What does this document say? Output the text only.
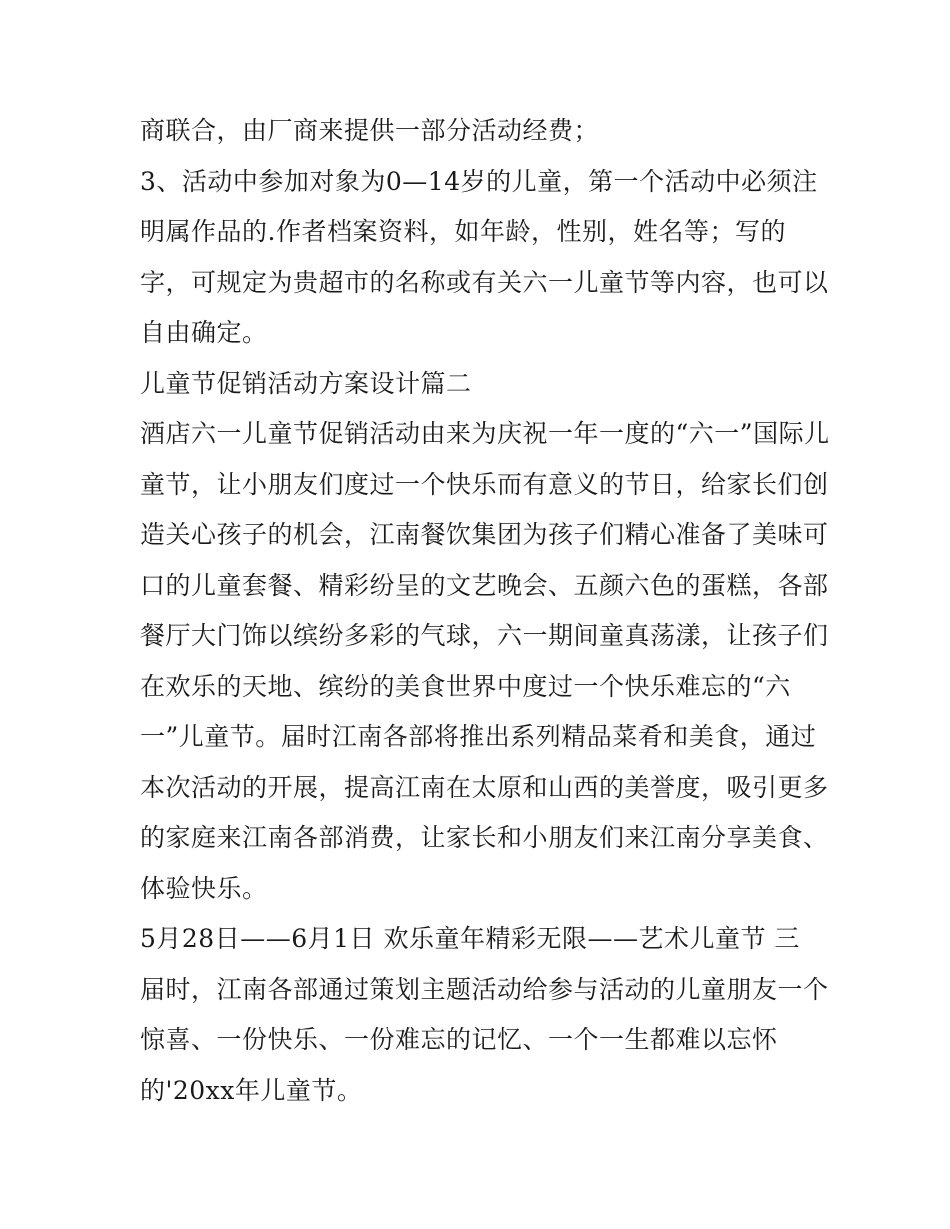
商联合，由厂商来提供一部分活动经费；
3、活动中参加对象为0—14岁的儿童，第一个活动中必须注
明属作品的.作者档案资料，如年龄，性别，姓名等；写的
字，可规定为贵超市的名称或有关六一儿童节等内容，也可以
自由确定。
儿童节促销活动方案设计篇二
酒店六一儿童节促销活动由来为庆祝一年一度的“六一”国际儿
童节，让小朋友们度过一个快乐而有意义的节日，给家长们创
造关心孩子的机会，江南餐饮集团为孩子们精心准备了美味可
口的儿童套餐、精彩纷呈的文艺晚会、五颜六色的蛋糕，各部
餐厅大门饰以缤纷多彩的气球，六一期间童真荡漾，让孩子们
在欢乐的天地、缤纷的美食世界中度过一个快乐难忘的“六
一”儿童节。届时江南各部将推出系列精品菜肴和美食，通过
本次活动的开展，提高江南在太原和山西的美誉度，吸引更多
的家庭来江南各部消费，让家长和小朋友们来江南分享美食、
体验快乐。
5月28日——6月1日 欢乐童年精彩无限——艺术儿童节 三
届时，江南各部通过策划主题活动给参与活动的儿童朋友一个
惊喜、一份快乐、一份难忘的记忆、一个一生都难以忘怀
的'20xx年儿童节。
